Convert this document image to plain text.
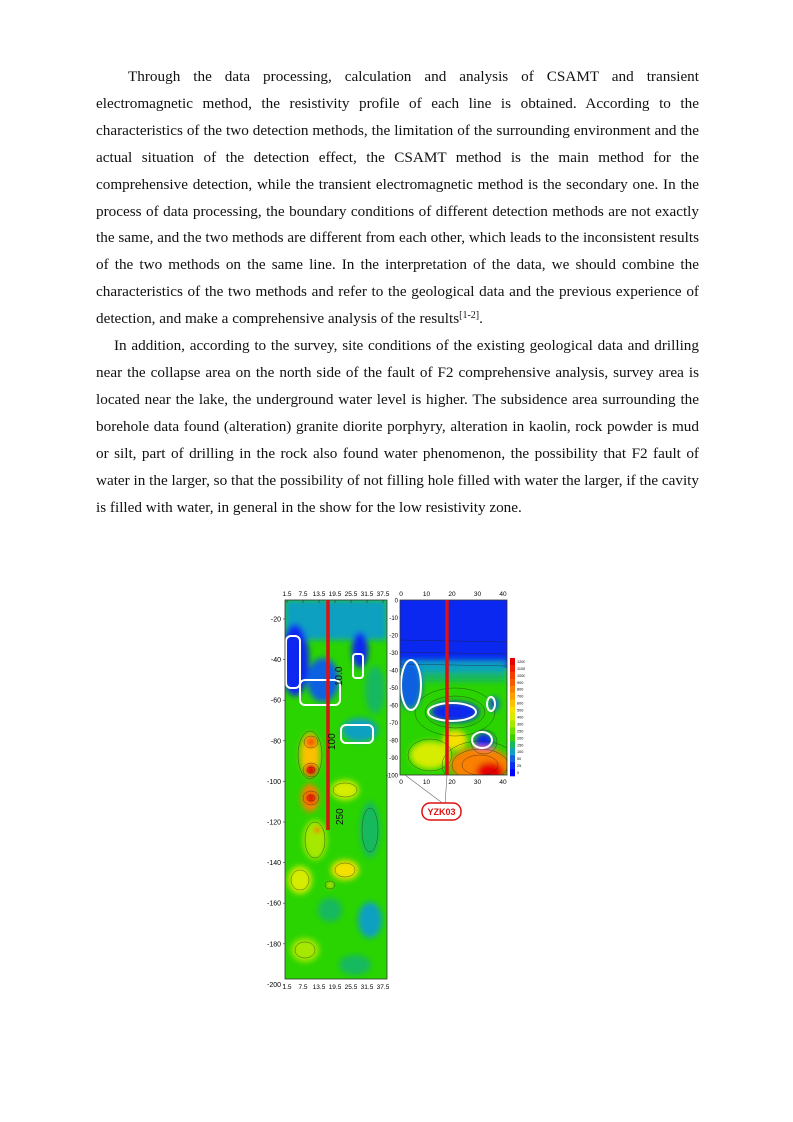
Through the data processing, calculation and analysis of CSAMT and transient electromagnetic method, the resistivity profile of each line is obtained. According to the characteristics of the two detection methods, the limitation of the surrounding environment and the actual situation of the detection effect, the CSAMT method is the main method for the comprehensive detection, while the transient electromagnetic method is the secondary one. In the process of data processing, the boundary conditions of different detection methods are not exactly the same, and the two methods are different from each other, which leads to the inconsistent results of the two methods on the same line. In the interpretation of the data, we should combine the characteristics of the two methods and refer to the geological data and the previous experience of detection, and make a comprehensive analysis of the results[1-2].

In addition, according to the survey, site conditions of the existing geological data and drilling near the collapse area on the north side of the fault of F2 comprehensive analysis, survey area is located near the lake, the underground water level is higher. The subsidence area surrounding the borehole data found (alteration) granite diorite porphyry, alteration in kaolin, rock powder is mud or silt, part of drilling in the rock also found water phenomenon, the possibility that F2 fault of water in the larger, so that the possibility of not filling hole filled with water the larger, if the cavity is filled with water, in general in the show for the low resistivity zone.

1.5 7.5 13.5 19.5 25.5 31.5 37.5
1.5 7.5 13.5 19.5 25.5 31.5 37.5
-20
-40
-60
-80
-100
-120
-140
-160
-180
-200
10.0
100
250
0	10	20	30	40
0	10	20	30	40
0
-10
-20
-30
-40
-50
-60
-70
-80
-90
-100
YZK03
1200
1100
1000
900
800
700
600
500
400
300
250
200
150
100
50
25
0
